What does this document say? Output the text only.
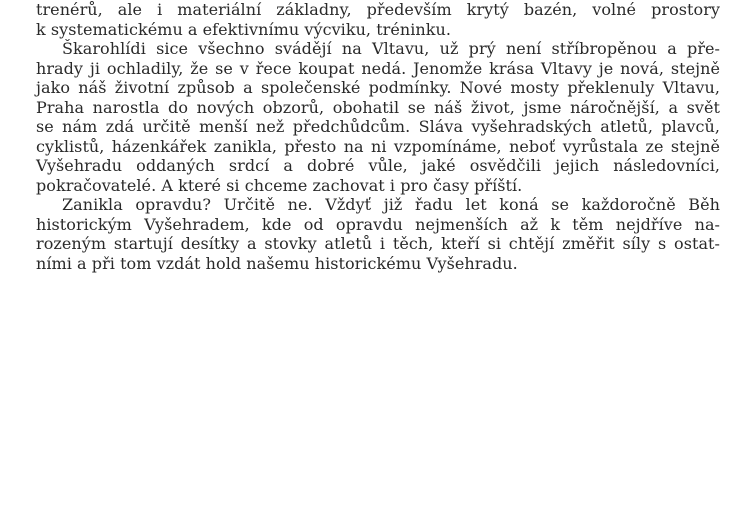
trenérů, ale i materiální základny, především krytý bazén, volné prostory
k systematickému a efektivnímu výcviku, tréninku.
Škarohlídi sice všechno svádějí na Vltavu, už prý není stříbropěnou a pře-
hrady ji ochladily, že se v řece koupat nedá. Jenomže krása Vltavy je nová, stejně
jako náš životní způsob a společenské podmínky. Nové mosty překlenuly Vltavu,
Praha narostla do nových obzorů, obohatil se náš život, jsme náročnější, a svět
se nám zdá určitě menší než předchůdcům. Sláva vyšehradských atletů, plavců,
cyklistů, házenkářek zanikla, přesto na ni vzpomínáme, neboť vyrůstala ze stejně
Vyšehradu oddaných srdcí a dobré vůle, jaké osvědčili jejich následovníci,
pokračovatelé. A které si chceme zachovat i pro časy příští.
Zanikla opravdu? Určitě ne. Vždyť již řadu let koná se každoročně Běh
historickým Vyšehradem, kde od opravdu nejmenších až k těm nejdříve na-
rozeným startují desítky a stovky atletů i těch, kteří si chtějí změřit síly s ostat-
ními a při tom vzdát hold našemu historickému Vyšehradu.
